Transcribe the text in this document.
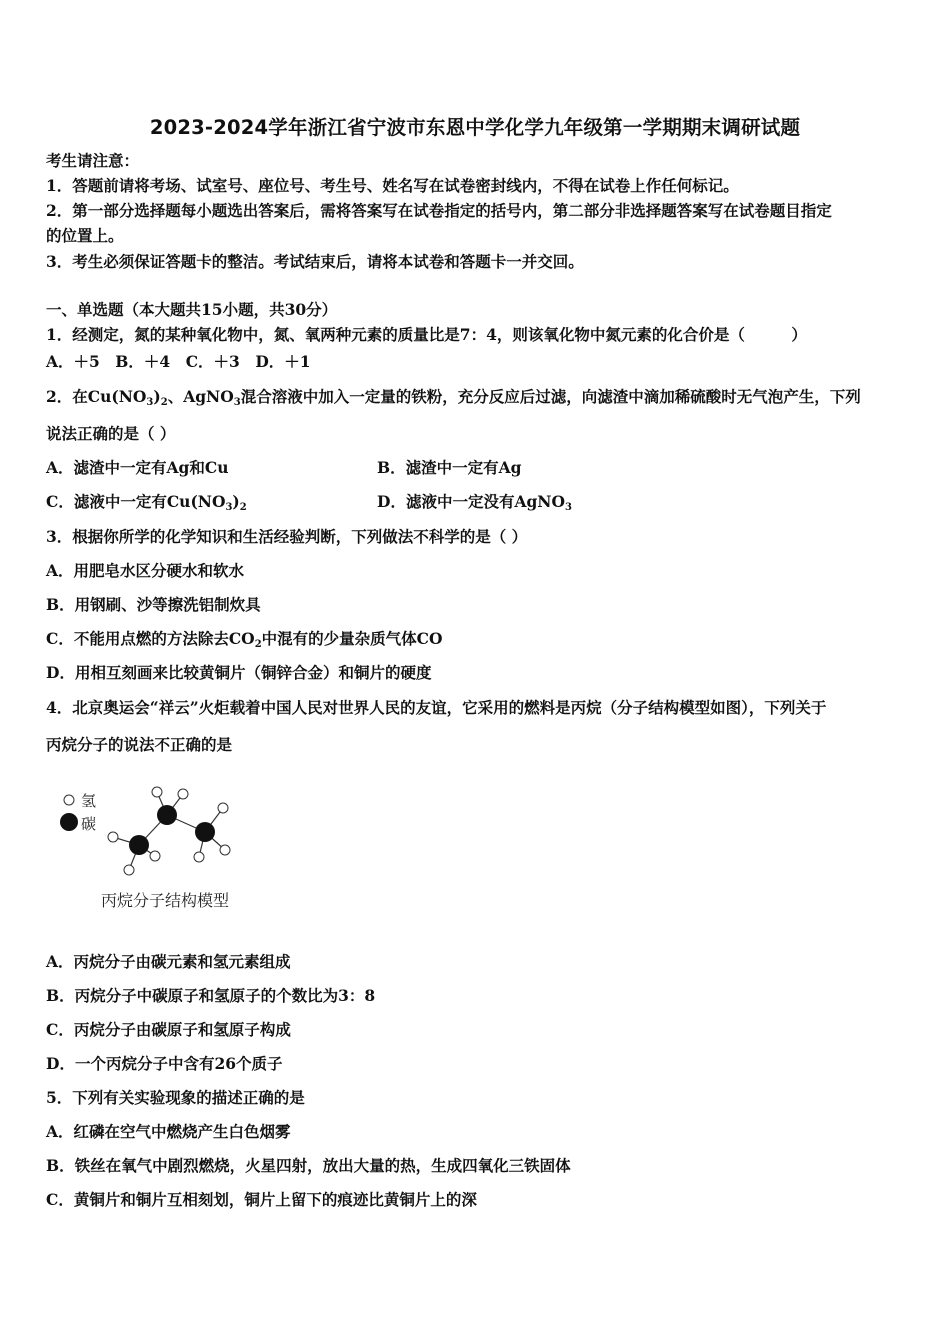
2023-2024学年浙江省宁波市东恩中学化学九年级第一学期期末调研试题
考生请注意：
1．答题前请将考场、试室号、座位号、考生号、姓名写在试卷密封线内，不得在试卷上作任何标记。
2．第一部分选择题每小题选出答案后，需将答案写在试卷指定的括号内，第二部分非选择题答案写在试卷题目指定
的位置上。
3．考生必须保证答题卡的整洁。考试结束后，请将本试卷和答题卡一并交回。
一、单选题（本大题共15小题，共30分）
1．经测定，氮的某种氧化物中，氮、氧两种元素的质量比是7：4，则该氧化物中氮元素的化合价是（　　　）
A．＋5　B．＋4　C．＋3　D．＋1
2．在$Cu(NO_3)_2$、AgNO$_3$混合溶液中加入一定量的铁粉，充分反应后过滤，向滤渣中滴加稀硫酸时无气泡产生，下列
说法正确的是（ ）
A．滤渣中一定有Ag和Cu	B．滤渣中一定有Ag
C．滤液中一定有$Cu(NO_3)_2$	D．滤液中一定没有AgNO$_3$
3．根据你所学的化学知识和生活经验判断，下列做法不科学的是（ ）
A．用肥皂水区分硬水和软水
B．用钢刷、沙等擦洗铝制炊具
C．不能用点燃的方法除去$CO_2$中混有的少量杂质气体CO
D．用相互刻画来比较黄铜片（铜锌合金）和铜片的硬度
4．北京奥运会“祥云”火炬载着中国人民对世界人民的友谊，它采用的燃料是丙烷（分子结构模型如图），下列关于
丙烷分子的说法不正确的是
氢
碳
丙烷分子结构模型
A．丙烷分子由碳元素和氢元素组成
B．丙烷分子中碳原子和氢原子的个数比为3：8
C．丙烷分子由碳原子和氢原子构成
D．一个丙烷分子中含有26个质子
5．下列有关实验现象的描述正确的是
A．红磷在空气中燃烧产生白色烟雾
B．铁丝在氧气中剧烈燃烧，火星四射，放出大量的热，生成四氧化三铁固体
C．黄铜片和铜片互相刻划，铜片上留下的痕迹比黄铜片上的深
